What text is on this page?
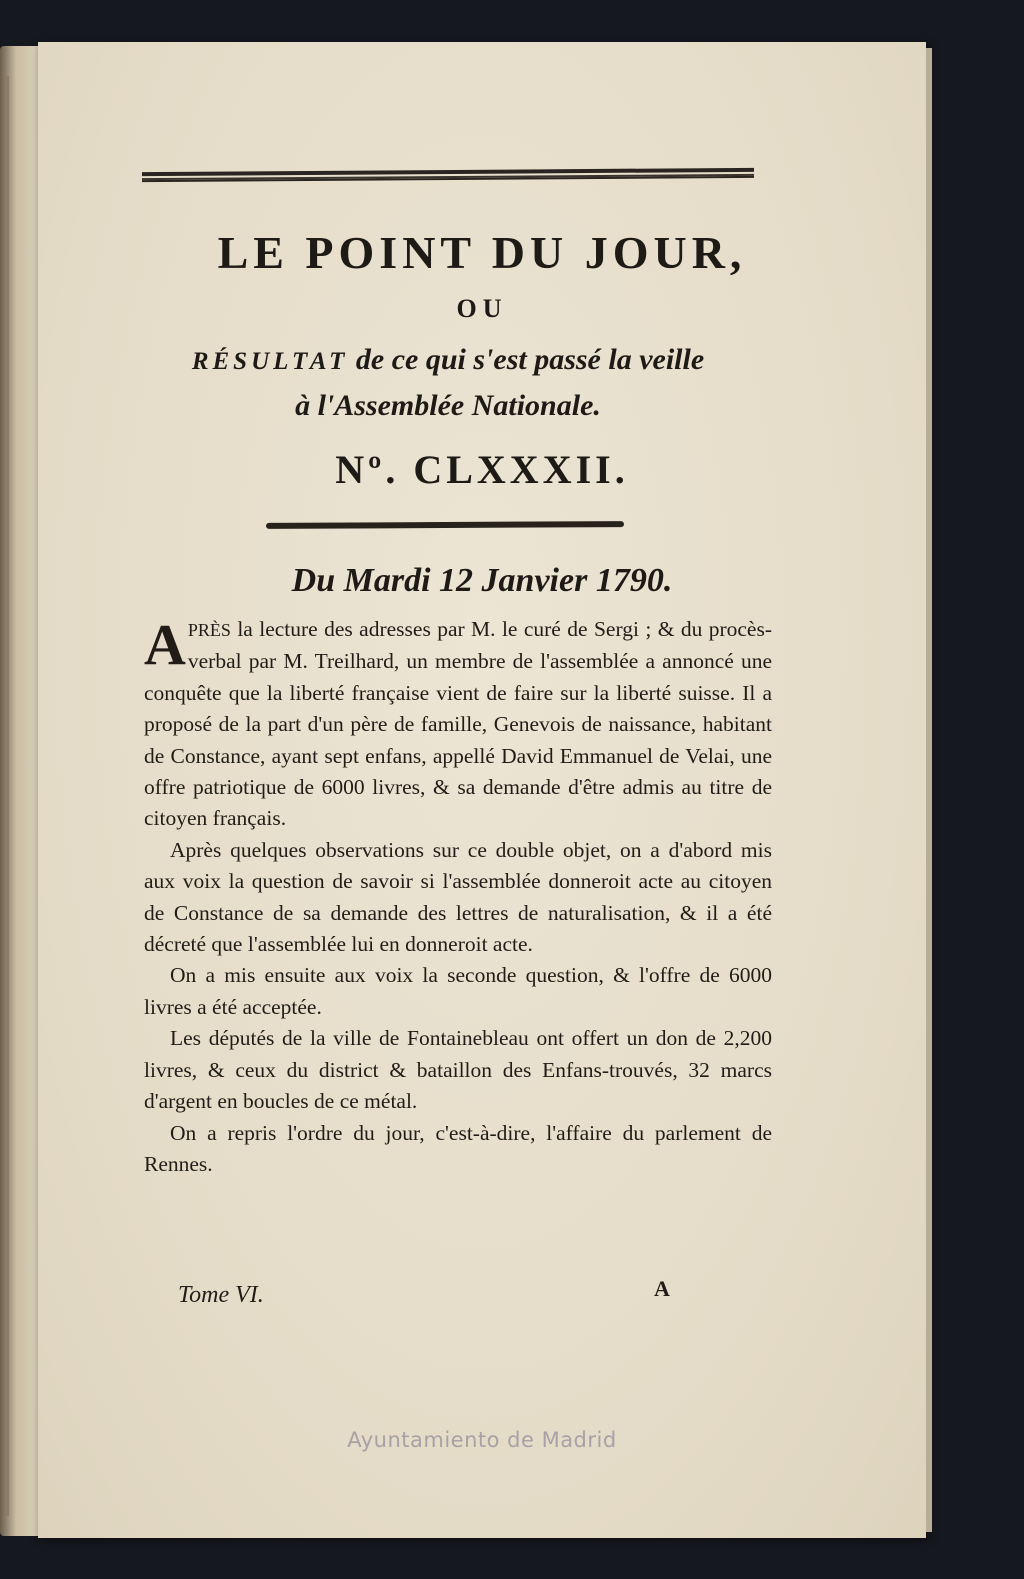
LE POINT DU JOUR,
OU
RÉSULTAT de ce qui s'est passé la veille
à l'Assemblée Nationale.
Nº. CLXXXII.
Du Mardi 12 Janvier 1790.

APRÈS la lecture des adresses par M. le curé de Sergi ; & du procès-verbal par M. Treilhard, un membre de l'assemblée a annoncé une conquête que la liberté française vient de faire sur la liberté suisse. Il a proposé de la part d'un père de famille, Genevois de naissance, habitant de Constance, ayant sept enfans, appellé David Emmanuel de Velai, une offre patriotique de 6000 livres, & sa demande d'être admis au titre de citoyen français.

Après quelques observations sur ce double objet, on a d'abord mis aux voix la question de savoir si l'assemblée donneroit acte au citoyen de Constance de sa demande des lettres de naturalisation, & il a été décreté que l'assemblée lui en donneroit acte.

On a mis ensuite aux voix la seconde question, & l'offre de 6000 livres a été acceptée.

Les députés de la ville de Fontainebleau ont offert un don de 2,200 livres, & ceux du district & bataillon des Enfans-trouvés, 32 marcs d'argent en boucles de ce métal.

On a repris l'ordre du jour, c'est-à-dire, l'affaire du parlement de Rennes.

Tome VI.	A
Ayuntamiento de Madrid
